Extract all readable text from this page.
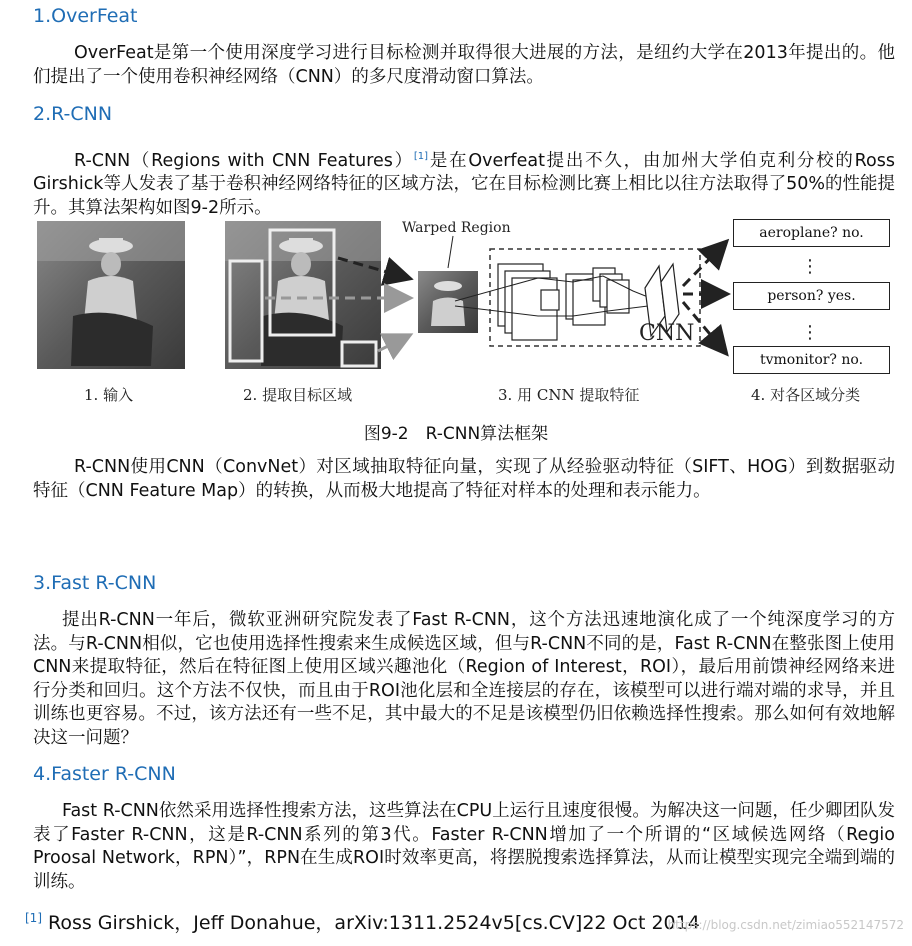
1.OverFeat

OverFeat是第一个使用深度学习进行目标检测并取得很大进展的方法，是纽约大学在2013年提出的。他们提出了一个使用卷积神经网络（CNN）的多尺度滑动窗口算法。

2.R-CNN

R-CNN（Regions with CNN Features）[1]是在Overfeat提出不久，由加州大学伯克利分校的Ross Girshick等人发表了基于卷积神经网络特征的区域方法，它在目标检测比赛上相比以往方法取得了50%的性能提升。其算法架构如图9-2所示。

Warped Region
CNN
⋮
⋮
aeroplane? no.
person? yes.
tvmonitor? no.
1. 输入	2. 提取目标区域	3. 用 CNN 提取特征	4. 对各区域分类

图9-2　R-CNN算法框架

R-CNN使用CNN（ConvNet）对区域抽取特征向量，实现了从经验驱动特征（SIFT、HOG）到数据驱动特征（CNN Feature Map）的转换，从而极大地提高了特征对样本的处理和表示能力。

3.Fast R-CNN

提出R-CNN一年后，微软亚洲研究院发表了Fast R-CNN，这个方法迅速地演化成了一个纯深度学习的方法。与R-CNN相似，它也使用选择性搜索来生成候选区域，但与R-CNN不同的是，Fast R-CNN在整张图上使用CNN来提取特征，然后在特征图上使用区域兴趣池化（Region of Interest，ROI），最后用前馈神经网络来进行分类和回归。这个方法不仅快，而且由于ROI池化层和全连接层的存在，该模型可以进行端对端的求导，并且训练也更容易。不过，该方法还有一些不足，其中最大的不足是该模型仍旧依赖选择性搜索。那么如何有效地解决这一问题？

4.Faster R-CNN

Fast R-CNN依然采用选择性搜索方法，这些算法在CPU上运行且速度很慢。为解决这一问题，任少卿团队发表了Faster R-CNN，这是R-CNN系列的第3代。Faster R-CNN增加了一个所谓的“区域候选网络（Regio Proosal Network，RPN）”，RPN在生成ROI时效率更高，将摆脱搜索选择算法，从而让模型实现完全端到端的训练。

[1] Ross Girshick，Jeff Donahue，arXiv:1311.2524v5[cs.CV]22 Oct 2014

https://blog.csdn.net/zimiao552147572
